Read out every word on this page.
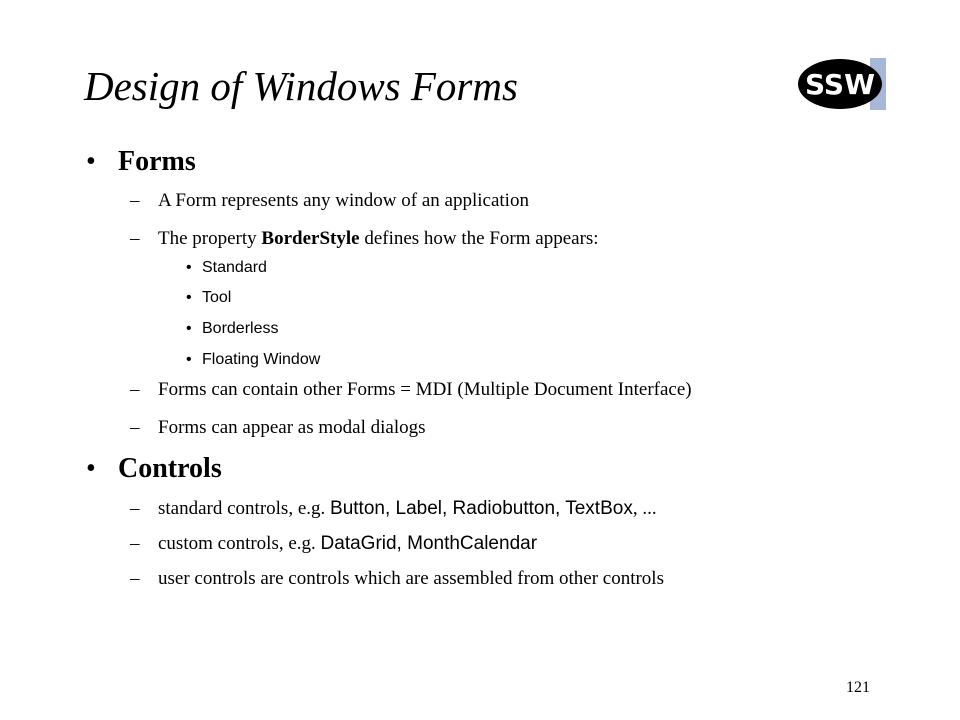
Design of Windows Forms	SSW
• Forms
– A Form represents any window of an application
– The property BorderStyle defines how the Form appears:
• Standard
• Tool
• Borderless
• Floating Window
– Forms can contain other Forms = MDI (Multiple Document Interface)
– Forms can appear as modal dialogs
• Controls
– standard controls, e.g. Button, Label, Radiobutton, TextBox, ...
– custom controls, e.g. DataGrid, MonthCalendar
– user controls are controls which are assembled from other controls
121
